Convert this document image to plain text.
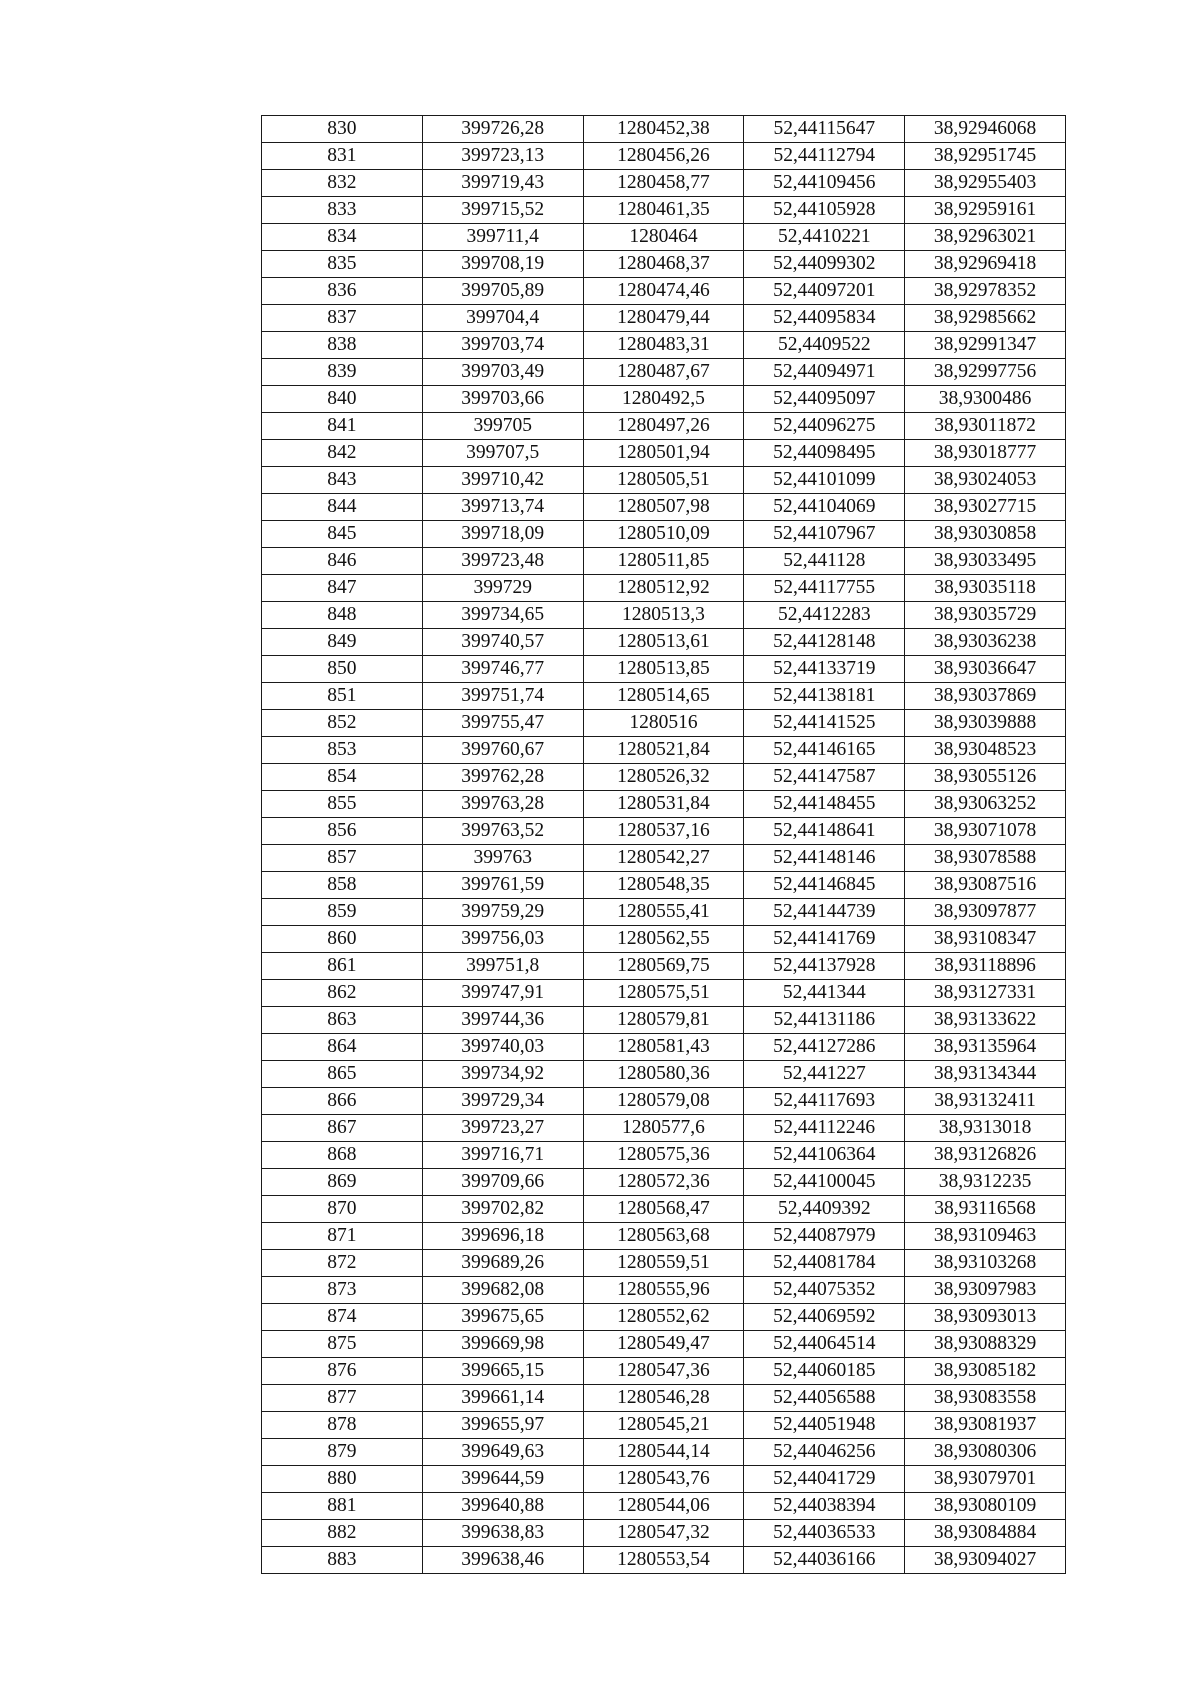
830	399726,28	1280452,38	52,44115647	38,92946068
831	399723,13	1280456,26	52,44112794	38,92951745
832	399719,43	1280458,77	52,44109456	38,92955403
833	399715,52	1280461,35	52,44105928	38,92959161
834	399711,4	1280464	52,4410221	38,92963021
835	399708,19	1280468,37	52,44099302	38,92969418
836	399705,89	1280474,46	52,44097201	38,92978352
837	399704,4	1280479,44	52,44095834	38,92985662
838	399703,74	1280483,31	52,4409522	38,92991347
839	399703,49	1280487,67	52,44094971	38,92997756
840	399703,66	1280492,5	52,44095097	38,9300486
841	399705	1280497,26	52,44096275	38,93011872
842	399707,5	1280501,94	52,44098495	38,93018777
843	399710,42	1280505,51	52,44101099	38,93024053
844	399713,74	1280507,98	52,44104069	38,93027715
845	399718,09	1280510,09	52,44107967	38,93030858
846	399723,48	1280511,85	52,441128	38,93033495
847	399729	1280512,92	52,44117755	38,93035118
848	399734,65	1280513,3	52,4412283	38,93035729
849	399740,57	1280513,61	52,44128148	38,93036238
850	399746,77	1280513,85	52,44133719	38,93036647
851	399751,74	1280514,65	52,44138181	38,93037869
852	399755,47	1280516	52,44141525	38,93039888
853	399760,67	1280521,84	52,44146165	38,93048523
854	399762,28	1280526,32	52,44147587	38,93055126
855	399763,28	1280531,84	52,44148455	38,93063252
856	399763,52	1280537,16	52,44148641	38,93071078
857	399763	1280542,27	52,44148146	38,93078588
858	399761,59	1280548,35	52,44146845	38,93087516
859	399759,29	1280555,41	52,44144739	38,93097877
860	399756,03	1280562,55	52,44141769	38,93108347
861	399751,8	1280569,75	52,44137928	38,93118896
862	399747,91	1280575,51	52,441344	38,93127331
863	399744,36	1280579,81	52,44131186	38,93133622
864	399740,03	1280581,43	52,44127286	38,93135964
865	399734,92	1280580,36	52,441227	38,93134344
866	399729,34	1280579,08	52,44117693	38,93132411
867	399723,27	1280577,6	52,44112246	38,9313018
868	399716,71	1280575,36	52,44106364	38,93126826
869	399709,66	1280572,36	52,44100045	38,9312235
870	399702,82	1280568,47	52,4409392	38,93116568
871	399696,18	1280563,68	52,44087979	38,93109463
872	399689,26	1280559,51	52,44081784	38,93103268
873	399682,08	1280555,96	52,44075352	38,93097983
874	399675,65	1280552,62	52,44069592	38,93093013
875	399669,98	1280549,47	52,44064514	38,93088329
876	399665,15	1280547,36	52,44060185	38,93085182
877	399661,14	1280546,28	52,44056588	38,93083558
878	399655,97	1280545,21	52,44051948	38,93081937
879	399649,63	1280544,14	52,44046256	38,93080306
880	399644,59	1280543,76	52,44041729	38,93079701
881	399640,88	1280544,06	52,44038394	38,93080109
882	399638,83	1280547,32	52,44036533	38,93084884
883	399638,46	1280553,54	52,44036166	38,93094027
